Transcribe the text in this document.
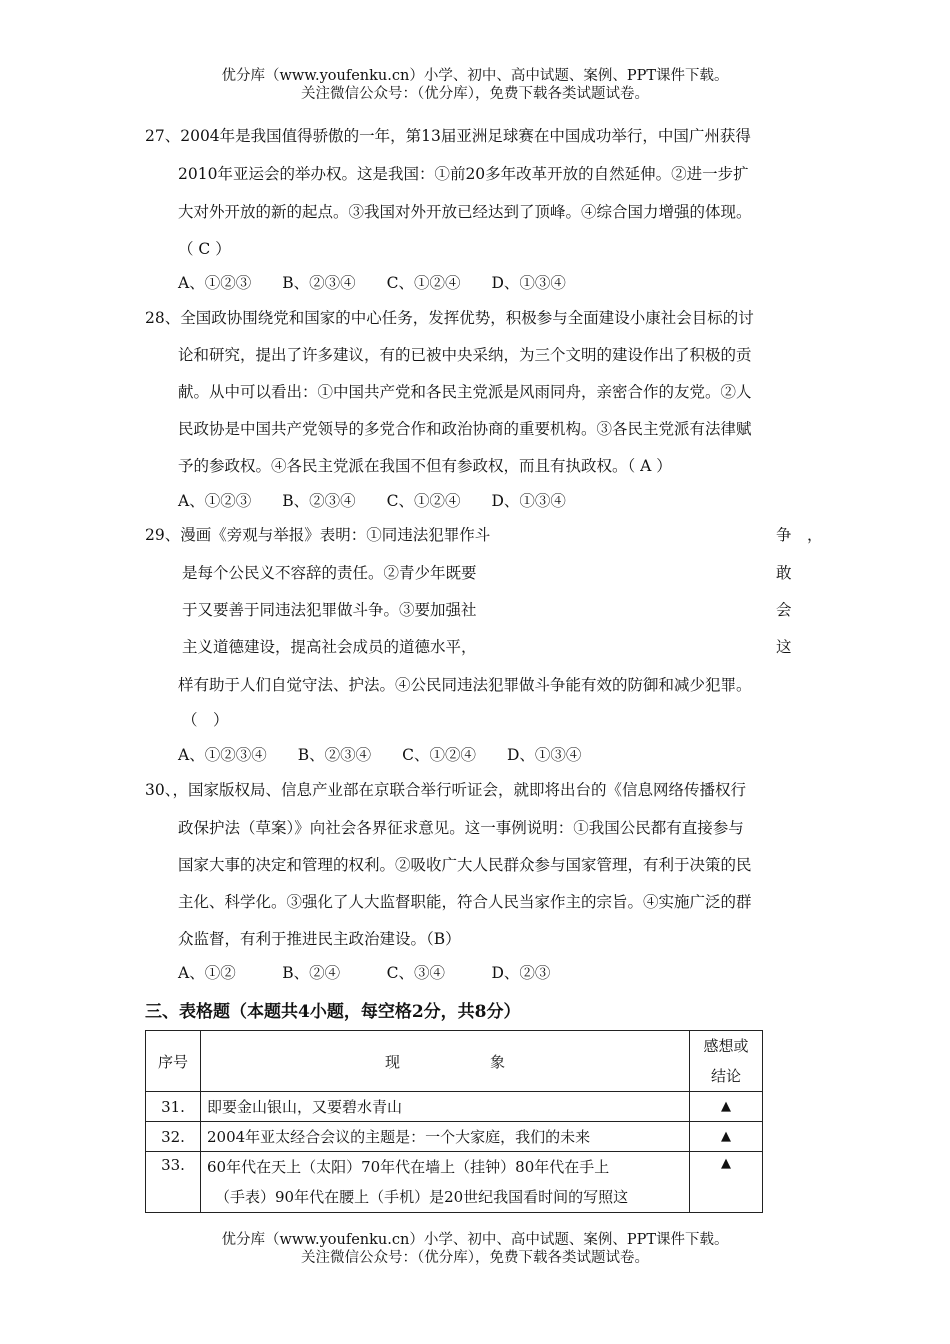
优分库（www.youfenku.cn）小学、初中、高中试题、案例、PPT课件下载。
关注微信公众号：（优分库），免费下载各类试题试卷。
27、2004年是我国值得骄傲的一年，第13届亚洲足球赛在中国成功举行，中国广州获得
2010年亚运会的举办权。这是我国：①前20多年改革开放的自然延伸。②进一步扩
大对外开放的新的起点。③我国对外开放已经达到了顶峰。④综合国力增强的体现。
（ C ）
A、①②③　　B、②③④　　C、①②④　　D、①③④
28、全国政协围绕党和国家的中心任务，发挥优势，积极参与全面建设小康社会目标的讨
论和研究，提出了许多建议，有的已被中央采纳，为三个文明的建设作出了积极的贡
献。从中可以看出：①中国共产党和各民主党派是风雨同舟，亲密合作的友党。②人
民政协是中国共产党领导的多党合作和政治协商的重要机构。③各民主党派有法律赋
予的参政权。④各民主党派在我国不但有参政权，而且有执政权。（ A ）
A、①②③　　B、②③④　　C、①②④　　D、①③④
29、漫画《旁观与举报》表明：①同违法犯罪作斗	争　，
是每个公民义不容辞的责任。②青少年既要	敢
于又要善于同违法犯罪做斗争。③要加强社	会
主义道德建设，提高社会成员的道德水平，	这
样有助于人们自觉守法、护法。④公民同违法犯罪做斗争能有效的防御和减少犯罪。
（　）
A、①②③④　　B、②③④　　C、①②④　　D、①③④
30、，国家版权局、信息产业部在京联合举行听证会，就即将出台的《信息网络传播权行
政保护法（草案）》向社会各界征求意见。这一事例说明：①我国公民都有直接参与
国家大事的决定和管理的权利。②吸收广大人民群众参与国家管理，有利于决策的民
主化、科学化。③强化了人大监督职能，符合人民当家作主的宗旨。④实施广泛的群
众监督，有利于推进民主政治建设。（B）
A、①②　　　B、②④　　　C、③④　　　D、②③
三、表格题（本题共4小题，每空格2分，共8分）
序号	现　　　　　　象	感想或
结论

31.	即要金山银山，又要碧水青山	▲
32.	2004年亚太经合会议的主题是：一个大家庭，我们的未来	▲
33.	60年代在天上（太阳）70年代在墙上（挂钟）80年代在手上
（手表）90年代在腰上（手机）是20世纪我国看时间的写照这	▲
优分库（www.youfenku.cn）小学、初中、高中试题、案例、PPT课件下载。
关注微信公众号：（优分库），免费下载各类试题试卷。
